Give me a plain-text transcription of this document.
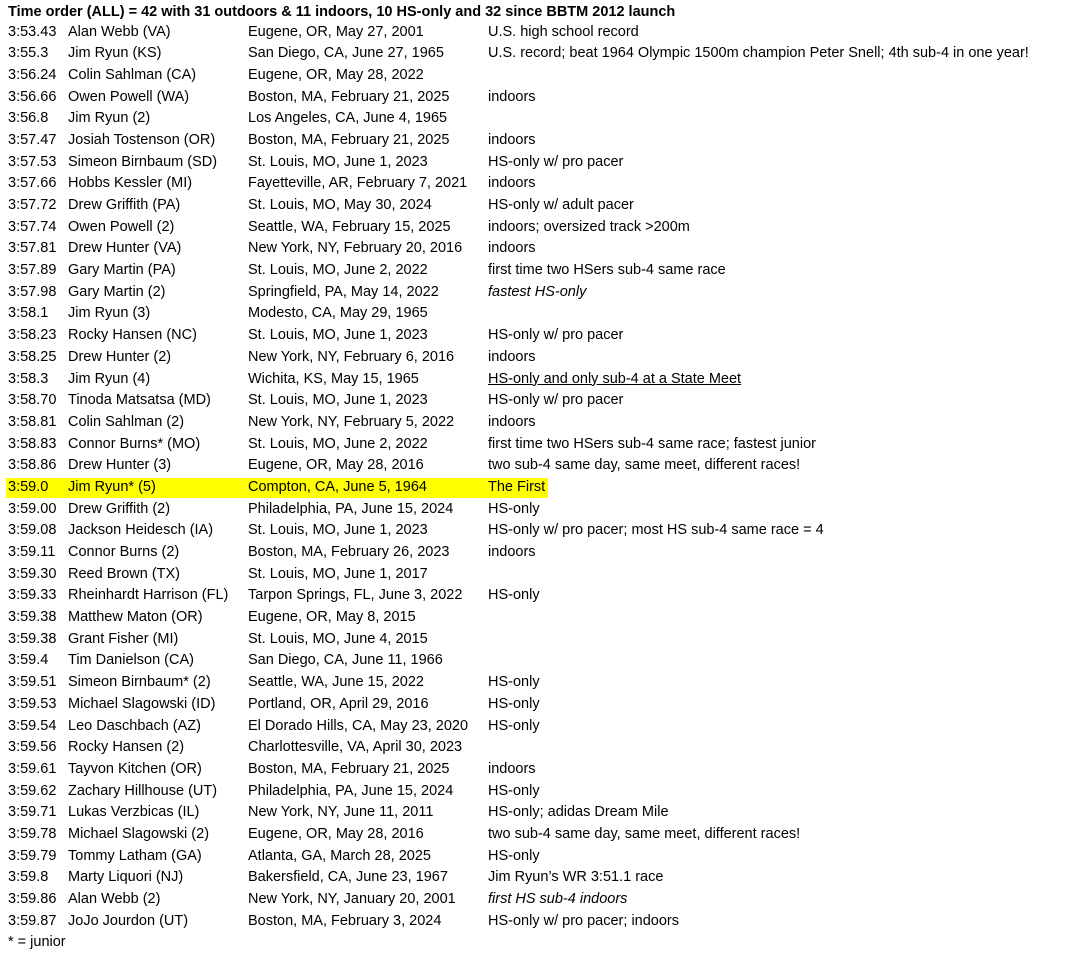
Time order (ALL) = 42 with 31 outdoors & 11 indoors, 10 HS-only and 32 since BBTM 2012 launch
3:53.43 Alan Webb (VA)	Eugene, OR, May 27, 2001	U.S. high school record
3:55.3 Jim Ryun (KS)	San Diego, CA, June 27, 1965	U.S. record; beat 1964 Olympic 1500m champion Peter Snell; 4th sub-4 in one year!
3:56.24 Colin Sahlman (CA)	Eugene, OR, May 28, 2022
3:56.66 Owen Powell (WA)	Boston, MA, February 21, 2025	indoors
3:56.8 Jim Ryun (2)	Los Angeles, CA, June 4, 1965
3:57.47 Josiah Tostenson (OR) Boston, MA, February 21, 2025	indoors
3:57.53 Simeon Birnbaum (SD) St. Louis, MO, June 1, 2023	HS-only w/ pro pacer
3:57.66 Hobbs Kessler (MI)	Fayetteville, AR, February 7, 2021 indoors
3:57.72 Drew Griffith (PA)	St. Louis, MO, May 30, 2024	HS-only w/ adult pacer
3:57.74 Owen Powell (2)	Seattle, WA, February 15, 2025	indoors; oversized track >200m
3:57.81 Drew Hunter (VA)	New York, NY, February 20, 2016 indoors
3:57.89 Gary Martin (PA)	St. Louis, MO, June 2, 2022	first time two HSers sub-4 same race
3:57.98 Gary Martin (2)	Springfield, PA, May 14, 2022	fastest HS-only
3:58.1 Jim Ryun (3)	Modesto, CA, May 29, 1965
3:58.23 Rocky Hansen (NC)	St. Louis, MO, June 1, 2023	HS-only w/ pro pacer
3:58.25 Drew Hunter (2)	New York, NY, February 6, 2016 indoors
3:58.3 Jim Ryun (4)	Wichita, KS, May 15, 1965	HS-only and only sub-4 at a State Meet
3:58.70 Tinoda Matsatsa (MD)	St. Louis, MO, June 1, 2023	HS-only w/ pro pacer
3:58.81 Colin Sahlman (2)	New York, NY, February 5, 2022 indoors
3:58.83 Connor Burns* (MO)	St. Louis, MO, June 2, 2022	first time two HSers sub-4 same race; fastest junior
3:58.86 Drew Hunter (3)	Eugene, OR, May 28, 2016	two sub-4 same day, same meet, different races!
3:59.0 Jim Ryun* (5)	Compton, CA, June 5, 1964	The First
3:59.00 Drew Griffith (2)	Philadelphia, PA, June 15, 2024 HS-only
3:59.08 Jackson Heidesch (IA) St. Louis, MO, June 1, 2023	HS-only w/ pro pacer; most HS sub-4 same race = 4
3:59.11 Connor Burns (2)	Boston, MA, February 26, 2023	indoors
3:59.30 Reed Brown (TX)	St. Louis, MO, June 1, 2017
3:59.33 Rheinhardt Harrison (FL) Tarpon Springs, FL, June 3, 2022 HS-only
3:59.38 Matthew Maton (OR)	Eugene, OR, May 8, 2015
3:59.38 Grant Fisher (MI)	St. Louis, MO, June 4, 2015
3:59.4 Tim Danielson (CA)	San Diego, CA, June 11, 1966
3:59.51 Simeon Birnbaum* (2)	Seattle, WA, June 15, 2022	HS-only
3:59.53 Michael Slagowski (ID) Portland, OR, April 29, 2016	HS-only
3:59.54 Leo Daschbach (AZ)	El Dorado Hills, CA, May 23, 2020 HS-only
3:59.56 Rocky Hansen (2)	Charlottesville, VA, April 30, 2023
3:59.61 Tayvon Kitchen (OR)	Boston, MA, February 21, 2025	indoors
3:59.62 Zachary Hillhouse (UT) Philadelphia, PA, June 15, 2024 HS-only
3:59.71 Lukas Verzbicas (IL)	New York, NY, June 11, 2011	HS-only; adidas Dream Mile
3:59.78 Michael Slagowski (2)	Eugene, OR, May 28, 2016	two sub-4 same day, same meet, different races!
3:59.79 Tommy Latham (GA)	Atlanta, GA, March 28, 2025	HS-only
3:59.8 Marty Liquori (NJ)	Bakersfield, CA, June 23, 1967	Jim Ryun’s WR 3:51.1 race
3:59.86 Alan Webb (2)	New York, NY, January 20, 2001 first HS sub-4 indoors
3:59.87 JoJo Jourdon (UT)	Boston, MA, February 3, 2024	HS-only w/ pro pacer; indoors
* = junior
